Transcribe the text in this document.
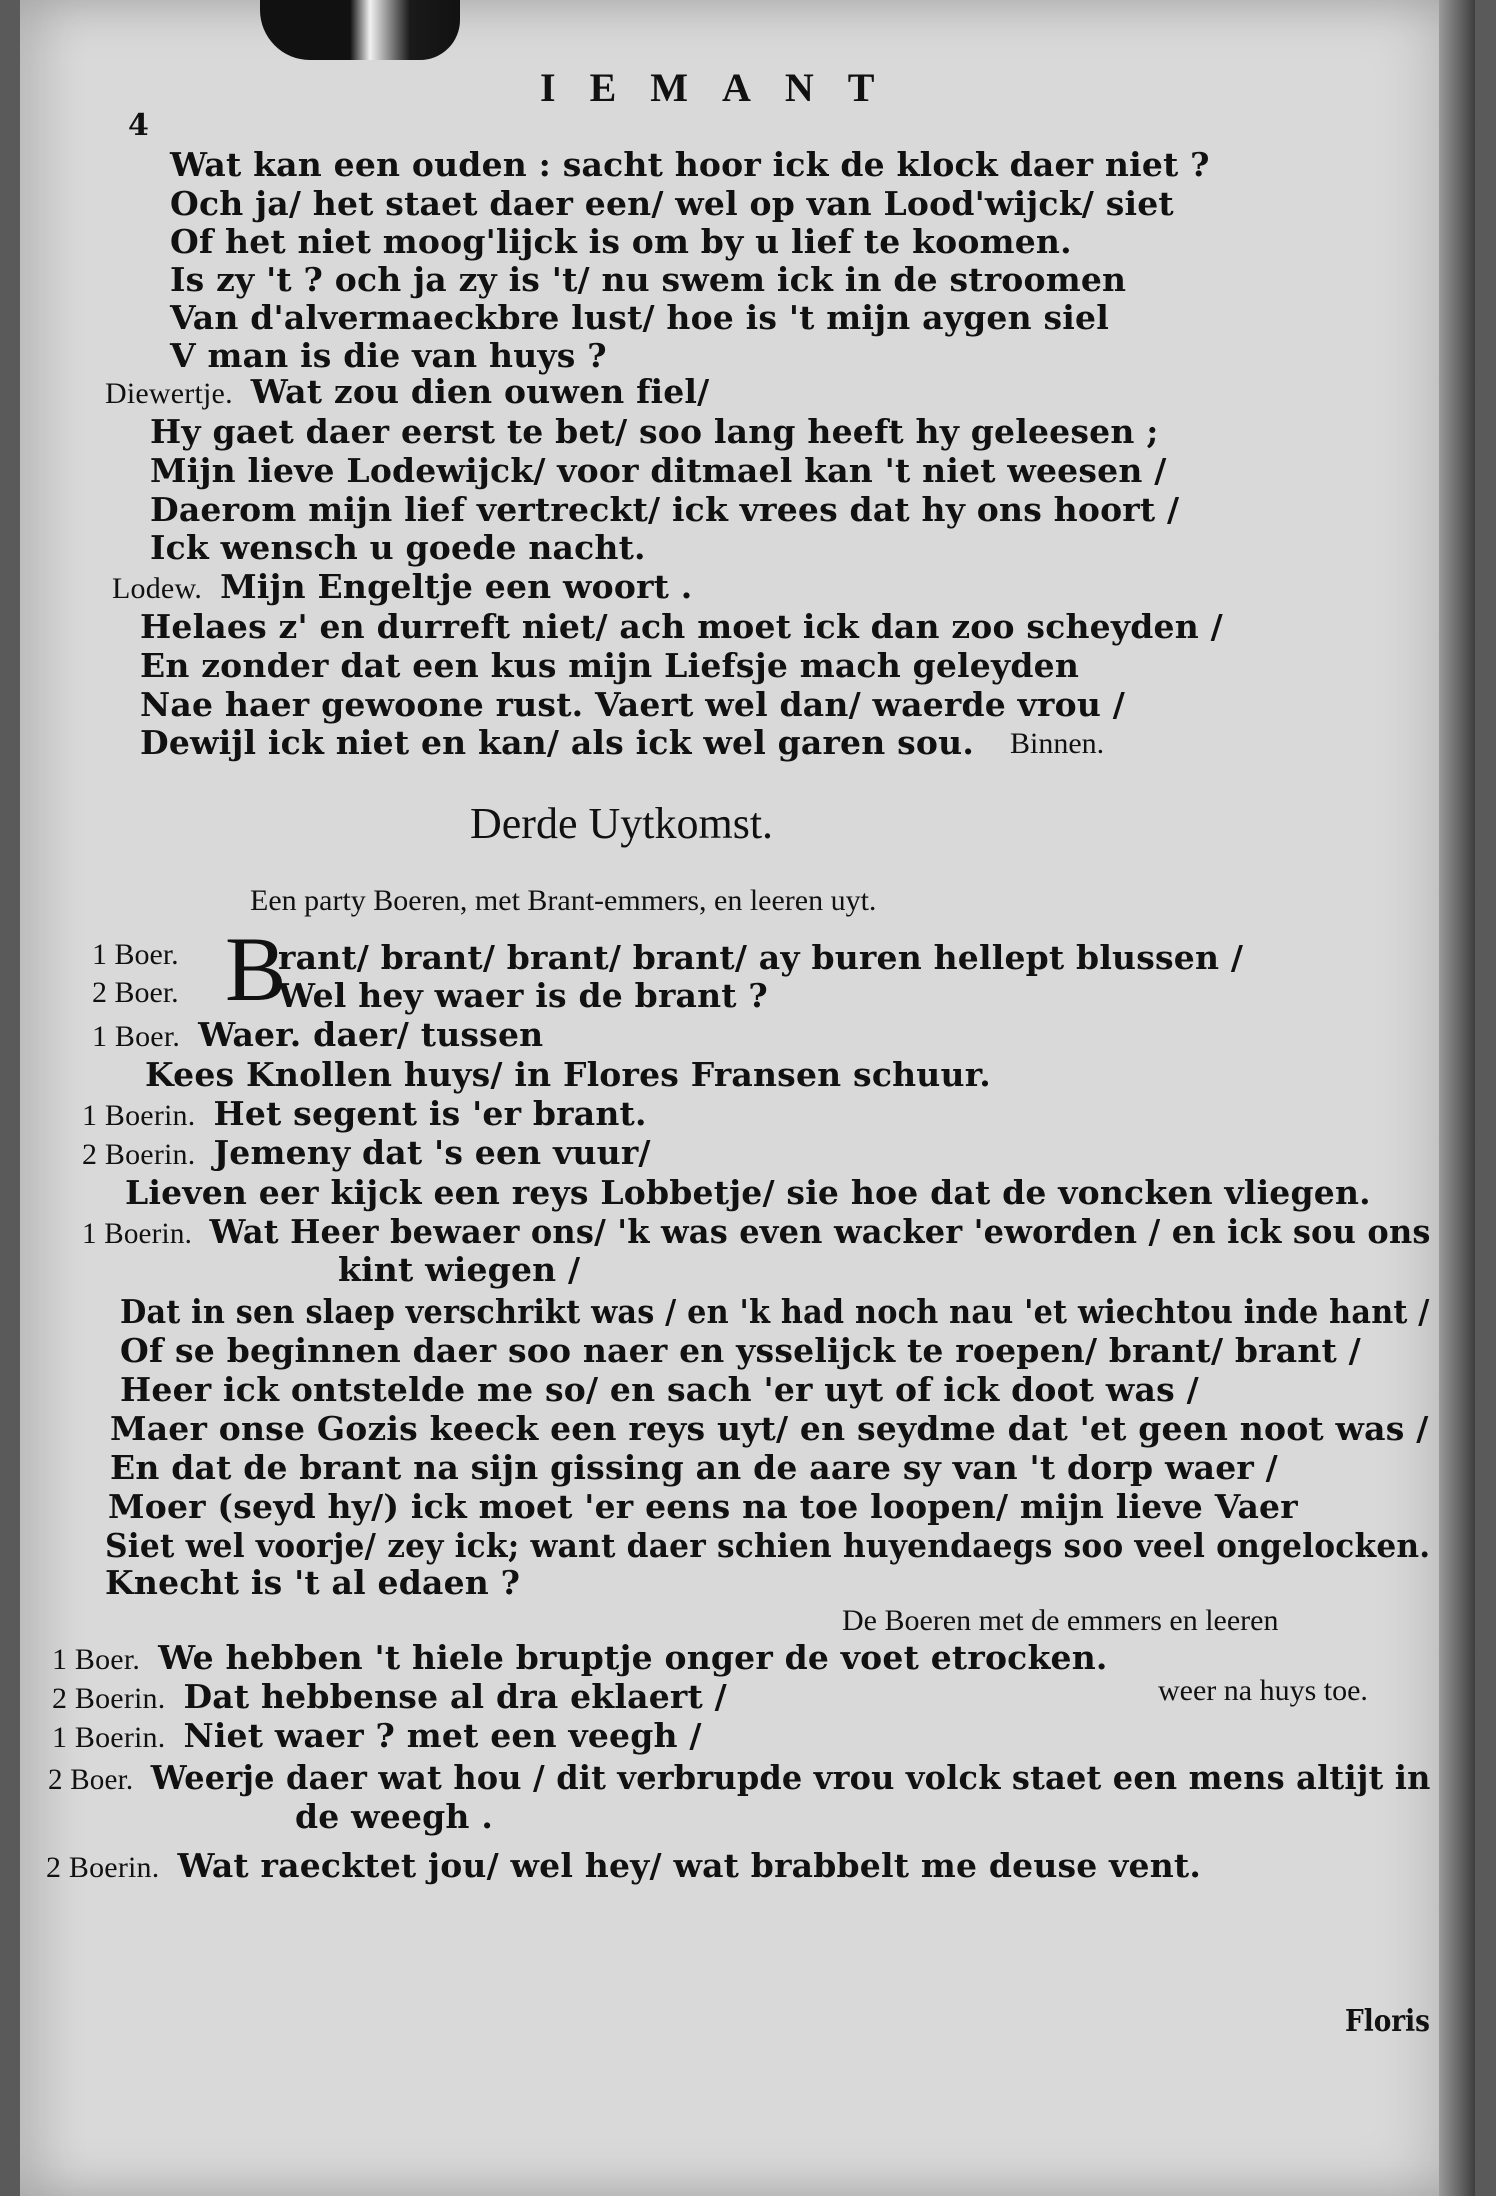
4
IEMANT
Wat kan een ouden : sacht hoor ick de klock daer niet ?
Och ja/ het staet daer een/ wel op van Lood'wijck/ siet
Of het niet moog'lijck is om by u lief te koomen.
Is zy 't ? och ja zy is 't/ nu swem ick in de stroomen
Van d'alvermaeckbre lust/ hoe is 't mijn aygen siel
V man is die van huys ?
Diewertje. Wat zou dien ouwen fiel/
Hy gaet daer eerst te bet/ soo lang heeft hy geleesen ;
Mijn lieve Lodewijck/ voor ditmael kan 't niet weesen /
Daerom mijn lief vertreckt/ ick vrees dat hy ons hoort /
Ick wensch u goede nacht.
Lodew. Mijn Engeltje een woort .
Helaes z' en durreft niet/ ach moet ick dan zoo scheyden /
En zonder dat een kus mijn Liefsje mach geleyden
Nae haer gewoone rust. Vaert wel dan/ waerde vrou /
Dewijl ick niet en kan/ als ick wel garen sou. Binnen.
Derde Uytkomst.
Een party Boeren, met Brant-emmers, en leeren uyt.
B
1 Boer.	rant/ brant/ brant/ brant/ ay buren hellept blussen /
2 Boer.	Wel hey waer is de brant ?
1 Boer. Waer. daer/ tussen
Kees Knollen huys/ in Flores Fransen schuur.
1 Boerin. Het segent is 'er brant.
2 Boerin. Jemeny dat 's een vuur/
Lieven eer kijck een reys Lobbetje/ sie hoe dat de voncken vliegen.
1 Boerin. Wat Heer bewaer ons/ 'k was even wacker 'eworden / en ick sou ons
kint wiegen /
Dat in sen slaep verschrikt was / en 'k had noch nau 'et wiechtou inde hant /
Of se beginnen daer soo naer en ysselijck te roepen/ brant/ brant /
Heer ick ontstelde me so/ en sach 'er uyt of ick doot was /
Maer onse Gozis keeck een reys uyt/ en seydme dat 'et geen noot was /
En dat de brant na sijn gissing an de aare sy van 't dorp waer /
Moer (seyd hy/) ick moet 'er eens na toe loopen/ mijn lieve Vaer
Siet wel voorje/ zey ick; want daer schien huyendaegs soo veel ongelocken.
Knecht is 't al edaen ?
De Boeren met de emmers en leeren
weer na huys toe.
1 Boer. We hebben 't hiele bruptje onger de voet etrocken.
2 Boerin. Dat hebbense al dra eklaert /
1 Boerin. Niet waer ? met een veegh /
2 Boer. Weerje daer wat hou / dit verbrupde vrou volck staet een mens altijt in
de weegh .
2 Boerin. Wat raecktet jou/ wel hey/ wat brabbelt me deuse vent.
Floris
